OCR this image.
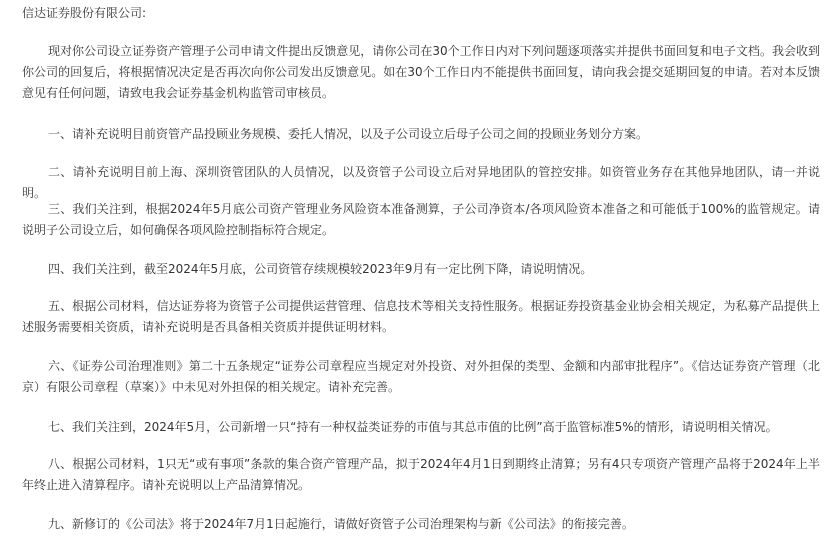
信达证券股份有限公司:

现对你公司设立证券资产管理子公司申请文件提出反馈意见，请你公司在30个工作日内对下列问题逐项落实并提供书面回复和电子文档。我会收到你公司的回复后，将根据情况决定是否再次向你公司发出反馈意见。如在30个工作日内不能提供书面回复，请向我会提交延期回复的申请。若对本反馈意见有任何问题，请致电我会证券基金机构监管司审核员。

一、请补充说明目前资管产品投顾业务规模、委托人情况，以及子公司设立后母子公司之间的投顾业务划分方案。

二、请补充说明目前上海、深圳资管团队的人员情况，以及资管子公司设立后对异地团队的管控安排。如资管业务存在其他异地团队，请一并说明。

三、我们关注到，根据2024年5月底公司资产管理业务风险资本准备测算，子公司净资本/各项风险资本准备之和可能低于100%的监管规定。请说明子公司设立后，如何确保各项风险控制指标符合规定。

四、我们关注到，截至2024年5月底，公司资管存续规模较2023年9月有一定比例下降，请说明情况。

五、根据公司材料，信达证券将为资管子公司提供运营管理、信息技术等相关支持性服务。根据证券投资基金业协会相关规定，为私募产品提供上述服务需要相关资质，请补充说明是否具备相关资质并提供证明材料。

六、《证券公司治理准则》第二十五条规定“证券公司章程应当规定对外投资、对外担保的类型、金额和内部审批程序”。《信达证券资产管理（北京）有限公司章程（草案）》中未见对外担保的相关规定。请补充完善。

七、我们关注到，2024年5月，公司新增一只“持有一种权益类证券的市值与其总市值的比例”高于监管标准5%的情形，请说明相关情况。

八、根据公司材料，1只无“或有事项”条款的集合资产管理产品，拟于2024年4月1日到期终止清算；另有4只专项资产管理产品将于2024年上半年终止进入清算程序。请补充说明以上产品清算情况。

九、新修订的《公司法》将于2024年7月1日起施行，请做好资管子公司治理架构与新《公司法》的衔接完善。
